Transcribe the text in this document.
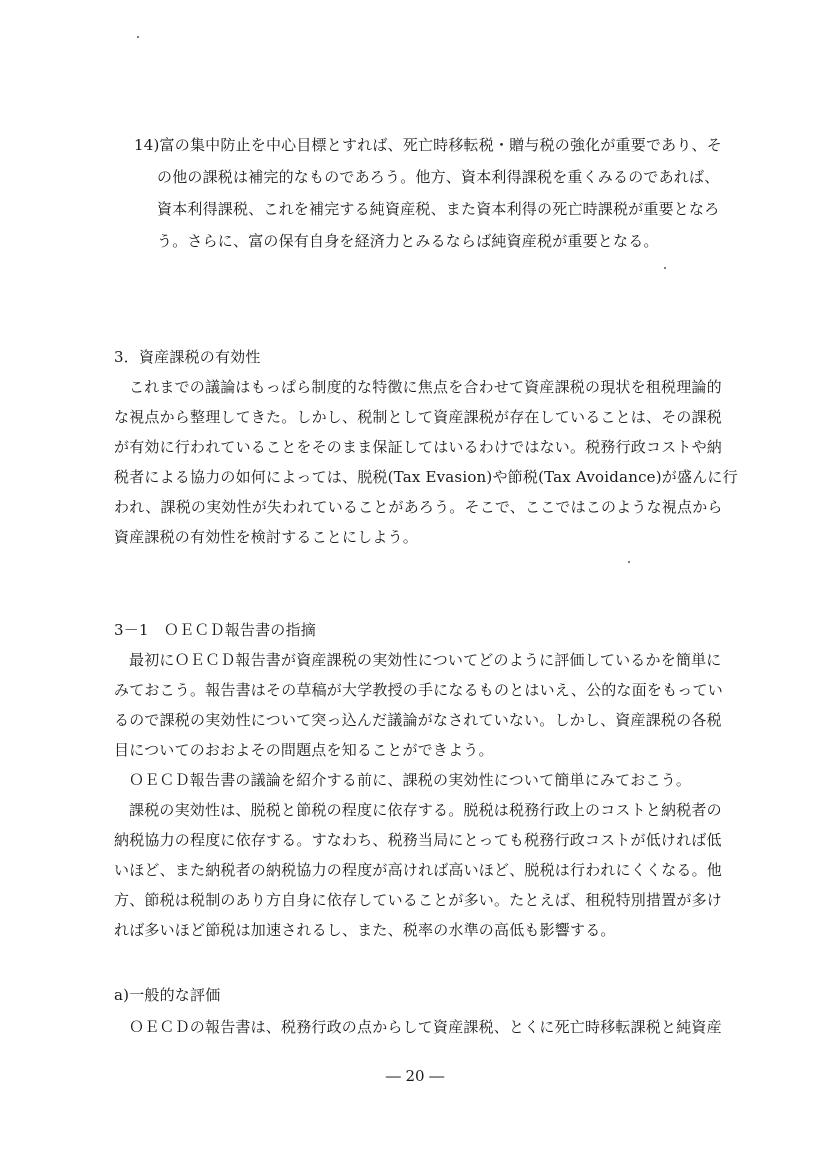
14)富の集中防止を中心目標とすれば、死亡時移転税・贈与税の強化が重要であり、そ
の他の課税は補完的なものであろう。他方、資本利得課税を重くみるのであれば、
資本利得課税、これを補完する純資産税、また資本利得の死亡時課税が重要となろ
う。さらに、富の保有自身を経済力とみるならば純資産税が重要となる。
3．資産課税の有効性
これまでの議論はもっぱら制度的な特徴に焦点を合わせて資産課税の現状を租税理論的
な視点から整理してきた。しかし、税制として資産課税が存在していることは、その課税
が有効に行われていることをそのまま保証してはいるわけではない。税務行政コストや納
税者による協力の如何によっては、脱税(Tax Evasion)や節税(Tax Avoidance)が盛んに行
われ、課税の実効性が失われていることがあろう。そこで、ここではこのような視点から
資産課税の有効性を検討することにしよう。
3－1　ＯＥＣＤ報告書の指摘
最初にＯＥＣＤ報告書が資産課税の実効性についてどのように評価しているかを簡単に
みておこう。報告書はその草稿が大学教授の手になるものとはいえ、公的な面をもってい
るので課税の実効性について突っ込んだ議論がなされていない。しかし、資産課税の各税
目についてのおおよその問題点を知ることができよう。
ＯＥＣＤ報告書の議論を紹介する前に、課税の実効性について簡単にみておこう。
課税の実効性は、脱税と節税の程度に依存する。脱税は税務行政上のコストと納税者の
納税協力の程度に依存する。すなわち、税務当局にとっても税務行政コストが低ければ低
いほど、また納税者の納税協力の程度が高ければ高いほど、脱税は行われにくくなる。他
方、節税は税制のあり方自身に依存していることが多い。たとえば、租税特別措置が多け
れば多いほど節税は加速されるし、また、税率の水準の高低も影響する。
a)一般的な評価
ＯＥＣＤの報告書は、税務行政の点からして資産課税、とくに死亡時移転課税と純資産
― 20 ―
